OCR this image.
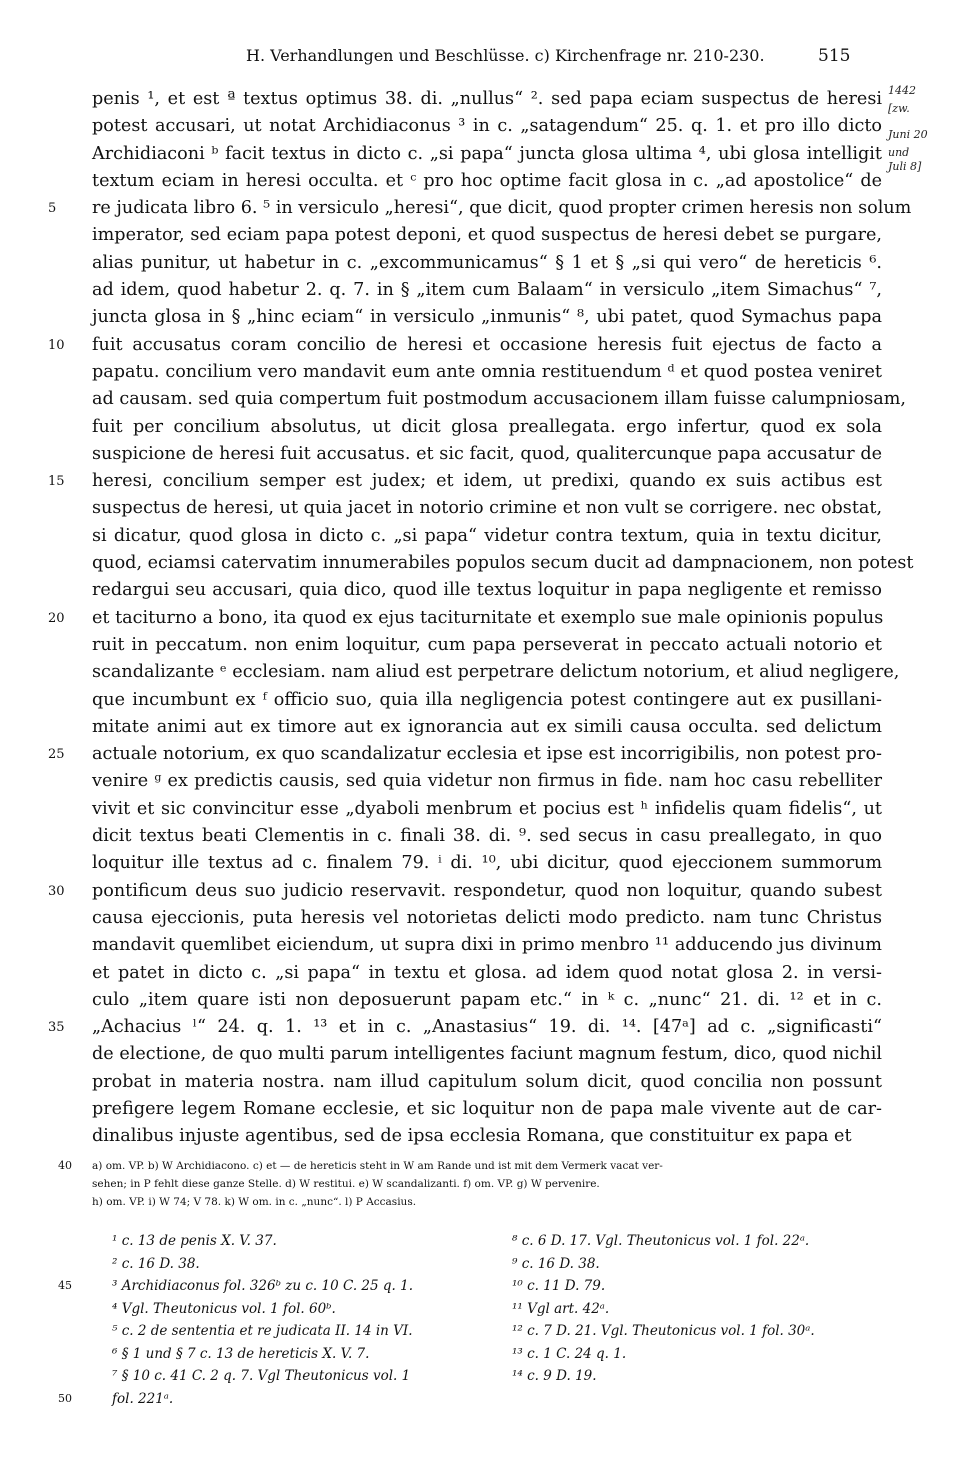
H. Verhandlungen und Beschlüsse. c) Kirchenfrage nr. 210-230.	515
1442
[zw.
Juni 20
und
Juli 8]
penis ¹, et est ª textus optimus 38. di. „nullus“ ². sed papa eciam suspectus de heresi
potest accusari, ut notat Archidiaconus ³ in c. „satagendum“ 25. q. 1. et pro illo dicto
Archidiaconi ᵇ facit textus in dicto c. „si papa“ juncta glosa ultima ⁴, ubi glosa intelligit
textum eciam in heresi occulta. et ᶜ pro hoc optime facit glosa in c. „ad apostolice“ de
5	re judicata libro 6. ⁵ in versiculo „heresi“, que dicit, quod propter crimen heresis non solum
imperator, sed eciam papa potest deponi, et quod suspectus de heresi debet se purgare,
alias punitur, ut habetur in c. „excommunicamus“ § 1 et § „si qui vero“ de hereticis ⁶.
ad idem, quod habetur 2. q. 7. in § „item cum Balaam“ in versiculo „item Simachus“ ⁷,
juncta glosa in § „hinc eciam“ in versiculo „inmunis“ ⁸, ubi patet, quod Symachus papa
10	fuit accusatus coram concilio de heresi et occasione heresis fuit ejectus de facto a
papatu. concilium vero mandavit eum ante omnia restituendum ᵈ et quod postea veniret
ad causam. sed quia compertum fuit postmodum accusacionem illam fuisse calumpniosam,
fuit per concilium absolutus, ut dicit glosa preallegata. ergo infertur, quod ex sola
suspicione de heresi fuit accusatus. et sic facit, quod, qualitercunque papa accusatur de
15	heresi, concilium semper est judex; et idem, ut predixi, quando ex suis actibus est
suspectus de heresi, ut quia jacet in notorio crimine et non vult se corrigere. nec obstat,
si dicatur, quod glosa in dicto c. „si papa“ videtur contra textum, quia in textu dicitur,
quod, eciamsi catervatim innumerabiles populos secum ducit ad dampnacionem, non potest
redargui seu accusari, quia dico, quod ille textus loquitur in papa negligente et remisso
20	et taciturno a bono, ita quod ex ejus taciturnitate et exemplo sue male opinionis populus
ruit in peccatum. non enim loquitur, cum papa perseverat in peccato actuali notorio et
scandalizante ᵉ ecclesiam. nam aliud est perpetrare delictum notorium, et aliud negligere,
que incumbunt ex ᶠ officio suo, quia illa negligencia potest contingere aut ex pusillani-
mitate animi aut ex timore aut ex ignorancia aut ex simili causa occulta. sed delictum
25	actuale notorium, ex quo scandalizatur ecclesia et ipse est incorrigibilis, non potest pro-
venire ᵍ ex predictis causis, sed quia videtur non firmus in fide. nam hoc casu rebelliter
vivit et sic convincitur esse „dyaboli menbrum et pocius est ʰ infidelis quam fidelis“, ut
dicit textus beati Clementis in c. finali 38. di. ⁹. sed secus in casu preallegato, in quo
loquitur ille textus ad c. finalem 79. ⁱ di. ¹⁰, ubi dicitur, quod ejeccionem summorum
30	pontificum deus suo judicio reservavit. respondetur, quod non loquitur, quando subest
causa ejeccionis, puta heresis vel notorietas delicti modo predicto. nam tunc Christus
mandavit quemlibet eiciendum, ut supra dixi in primo menbro ¹¹ adducendo jus divinum
et patet in dicto c. „si papa“ in textu et glosa. ad idem quod notat glosa 2. in versi-
culo „item quare isti non deposuerunt papam etc.“ in ᵏ c. „nunc“ 21. di. ¹² et in c.
35	„Achacius ˡ“ 24. q. 1. ¹³ et in c. „Anastasius“ 19. di. ¹⁴. [47ᵃ] ad c. „significasti“
de electione, de quo multi parum intelligentes faciunt magnum festum, dico, quod nichil
probat in materia nostra. nam illud capitulum solum dicit, quod concilia non possunt
prefigere legem Romane ecclesie, et sic loquitur non de papa male vivente aut de car-
dinalibus injuste agentibus, sed de ipsa ecclesia Romana, que constituitur ex papa et
40 a) om. VP. b) W Archidiacono. c) et — de hereticis steht in W am Rande und ist mit dem Vermerk vacat ver-
sehen; in P fehlt diese ganze Stelle. d) W restitui. e) W scandalizanti. f) om. VP. g) W pervenire.
h) om. VP. i) W 74; V 78. k) W om. in c. „nunc“. l) P Accasius.
¹ c. 13 de penis X. V. 37.	⁸ c. 6 D. 17. Vgl. Theutonicus vol. 1 fol. 22ᵃ.
² c. 16 D. 38.	⁹ c. 16 D. 38.
45	³ Archidiaconus fol. 326ᵇ zu c. 10 C. 25 q. 1.	¹⁰ c. 11 D. 79.
⁴ Vgl. Theutonicus vol. 1 fol. 60ᵇ.	¹¹ Vgl art. 42ᵃ.
⁵ c. 2 de sententia et re judicata II. 14 in VI.	¹² c. 7 D. 21. Vgl. Theutonicus vol. 1 fol. 30ᵃ.
⁶ § 1 und § 7 c. 13 de hereticis X. V. 7.	¹³ c. 1 C. 24 q. 1.
⁷ § 10 c. 41 C. 2 q. 7. Vgl Theutonicus vol. 1	¹⁴ c. 9 D. 19.
50	fol. 221ᵃ.
